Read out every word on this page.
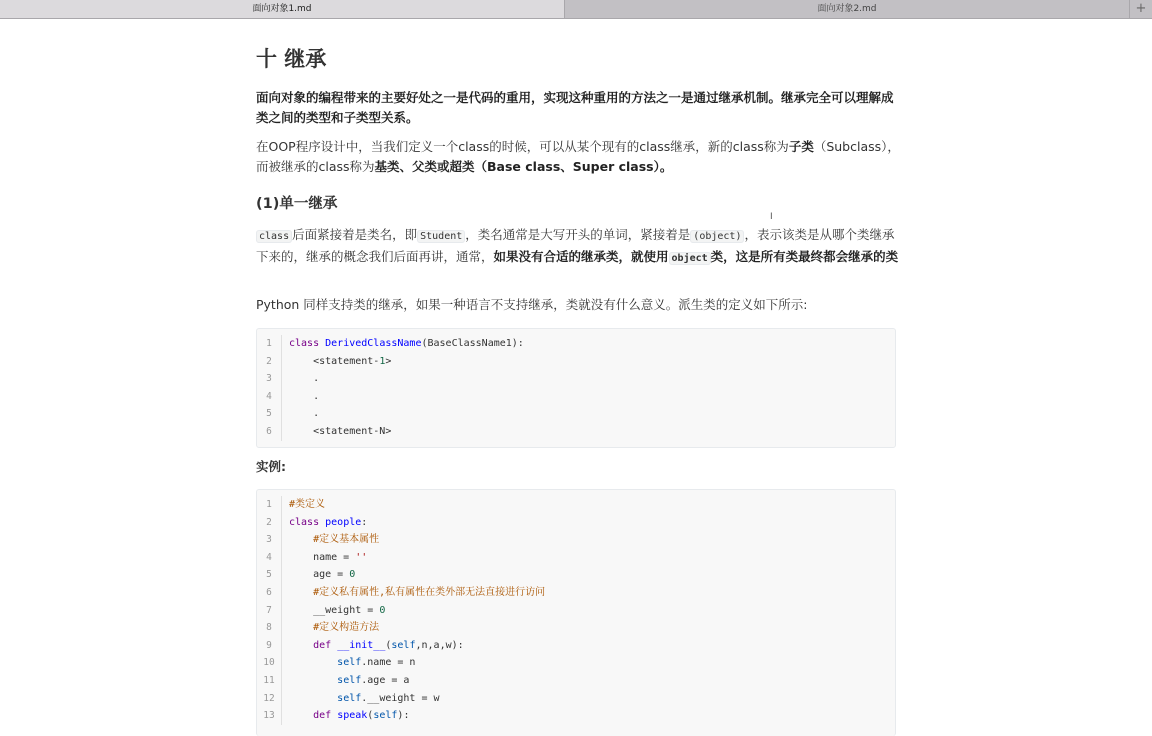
面向对象1.md	面向对象2.md	+
I
十 继承
面向对象的编程带来的主要好处之一是代码的重用，实现这种重用的方法之一是通过继承机制。继承完全可以理解成类之间的类型和子类型关系。
在OOP程序设计中，当我们定义一个class的时候，可以从某个现有的class继承，新的class称为子类（Subclass），而被继承的class称为基类、父类或超类（Base class、Super class）。
(1)单一继承
class 后面紧接着是类名，即 Student ，类名通常是大写开头的单词，紧接着是 (object) ，表示该类是从哪个类继承下来的，继承的概念我们后面再讲，通常，如果没有合适的继承类，就使用 object 类，这是所有类最终都会继承的类
Python 同样支持类的继承，如果一种语言不支持继承，类就没有什么意义。派生类的定义如下所示:
1	class DerivedClassName(BaseClassName1):
2	<statement-1>
3	.
4	.
5	.
6	<statement-N>
实例:
1	#类定义
2	class people:
3	#定义基本属性
4	name = ''
5	age = 0
6	#定义私有属性,私有属性在类外部无法直接进行访问
7	__weight = 0
8	#定义构造方法
9	def __init__(self,n,a,w):
10	self.name = n
11	self.age = a
12	self.__weight = w
13	def speak(self):
